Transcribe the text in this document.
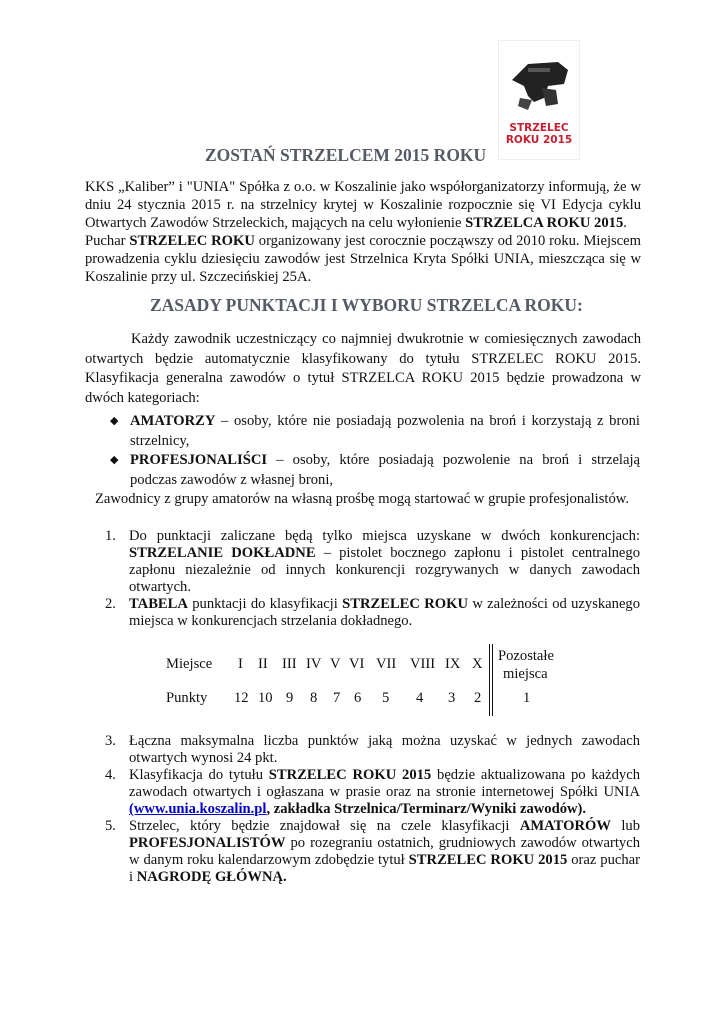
STRZELEC
ROKU 2015
ZOSTAŃ STRZELCEM 2015 ROKU
KKS „Kaliber” i "UNIA" Spółka z o.o. w Koszalinie jako współorganizatorzy informują, że w dniu 24 stycznia 2015 r. na strzelnicy krytej w Koszalinie rozpocznie się VI Edycja cyklu Otwartych Zawodów Strzeleckich, mających na celu wyłonienie STRZELCA ROKU 2015.
Puchar STRZELEC ROKU organizowany jest corocznie począwszy od 2010 roku. Miejscem prowadzenia cyklu dziesięciu zawodów jest Strzelnica Kryta Spółki UNIA, mieszcząca się w Koszalinie przy ul. Szczecińskiej 25A.
ZASADY PUNKTACJI I WYBORU STRZELCA ROKU:
Każdy zawodnik uczestniczący co najmniej dwukrotnie w comiesięcznych zawodach otwartych będzie automatycznie klasyfikowany do tytułu STRZELEC ROKU 2015. Klasyfikacja generalna zawodów o tytuł STRZELCA ROKU 2015 będzie prowadzona w dwóch kategoriach:
◆ AMATORZY – osoby, które nie posiadają pozwolenia na broń i korzystają z broni strzelnicy,
◆ PROFESJONALIŚCI – osoby, które posiadają pozwolenie na broń i strzelają podczas zawodów z własnej broni,
Zawodnicy z grupy amatorów na własną prośbę mogą startować w grupie profesjonalistów.
1. Do punktacji zaliczane będą tylko miejsca uzyskane w dwóch konkurencjach: STRZELANIE DOKŁADNE – pistolet bocznego zapłonu i pistolet centralnego zapłonu niezależnie od innych konkurencji rozgrywanych w danych zawodach otwartych.
2. TABELA punktacji do klasyfikacji STRZELEC ROKU w zależności od uzyskanego miejsca w konkurencjach strzelania dokładnego.
Miejsce I II III IV V VI VII VIII IX X Pozostałe
miejsca
Punkty 12 10 9 8 7 6 5 4 3 2	1
3. Łączna maksymalna liczba punktów jaką można uzyskać w jednych zawodach otwartych wynosi 24 pkt.
4. Klasyfikacja do tytułu STRZELEC ROKU 2015 będzie aktualizowana po każdych zawodach otwartych i ogłaszana w prasie oraz na stronie internetowej Spółki UNIA (www.unia.koszalin.pl, zakładka Strzelnica/Terminarz/Wyniki zawodów).
5. Strzelec, który będzie znajdował się na czele klasyfikacji AMATORÓW lub PROFESJONALISTÓW po rozegraniu ostatnich, grudniowych zawodów otwartych w danym roku kalendarzowym zdobędzie tytuł STRZELEC ROKU 2015 oraz puchar i NAGRODĘ GŁÓWNĄ.
